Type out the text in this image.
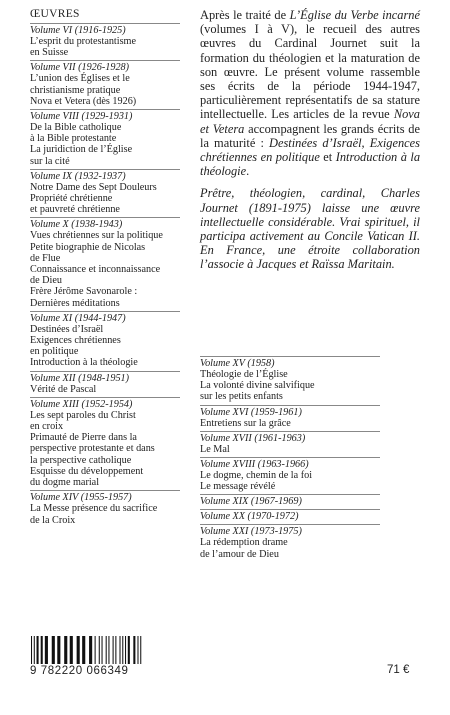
ŒUVRES
Volume VI (1916-1925)
L’esprit du protestantisme
en Suisse
Volume VII (1926-1928)
L’union des Églises et le
christianisme pratique
Nova et Vetera (dès 1926)
Volume VIII (1929-1931)
De la Bible catholique
à la Bible protestante
La juridiction de l’Église
sur la cité
Volume IX (1932-1937)
Notre Dame des Sept Douleurs
Propriété chrétienne
et pauvreté chrétienne
Volume X (1938-1943)
Vues chrétiennes sur la politique
Petite biographie de Nicolas
de Flue
Connaissance et inconnaissance
de Dieu
Frère Jérôme Savonarole :
Dernières méditations
Volume XI (1944-1947)
Destinées d’Israël
Exigences chrétiennes
en politique
Introduction à la théologie
Volume XII (1948-1951)
Vérité de Pascal
Volume XIII (1952-1954)
Les sept paroles du Christ
en croix
Primauté de Pierre dans la
perspective protestante et dans
la perspective catholique
Esquisse du développement
du dogme marial
Volume XIV (1955-1957)
La Messe présence du sacrifice
de la Croix

Après le traité de L’Église du Verbe incarné (volumes I à V), le recueil des autres œuvres du Cardinal Journet suit la formation du théologien et la maturation de son œuvre. Le présent volume rassemble ses écrits de la période 1944-1947, particulièrement représentatifs de sa stature intellectuelle. Les articles de la revue Nova et Vetera accompagnent les grands écrits de la maturité : Destinées d’Israël, Exigences chrétiennes en politique et Introduction à la théologie.

Prêtre, théologien, cardinal, Charles Journet (1891-1975) laisse une œuvre intellectuelle considérable. Vrai spirituel, il participa activement au Concile Vatican II. En France, une étroite collaboration l’associe à Jacques et Raïssa Maritain.

Volume XV (1958)
Théologie de l’Église
La volonté divine salvifique
sur les petits enfants
Volume XVI (1959-1961)
Entretiens sur la grâce
Volume XVII (1961-1963)
Le Mal
Volume XVIII (1963-1966)
Le dogme, chemin de la foi
Le message révélé
Volume XIX (1967-1969)
Volume XX (1970-1972)
Volume XXI (1973-1975)
La rédemption drame
de l’amour de Dieu
9 782220 066349	71 €
